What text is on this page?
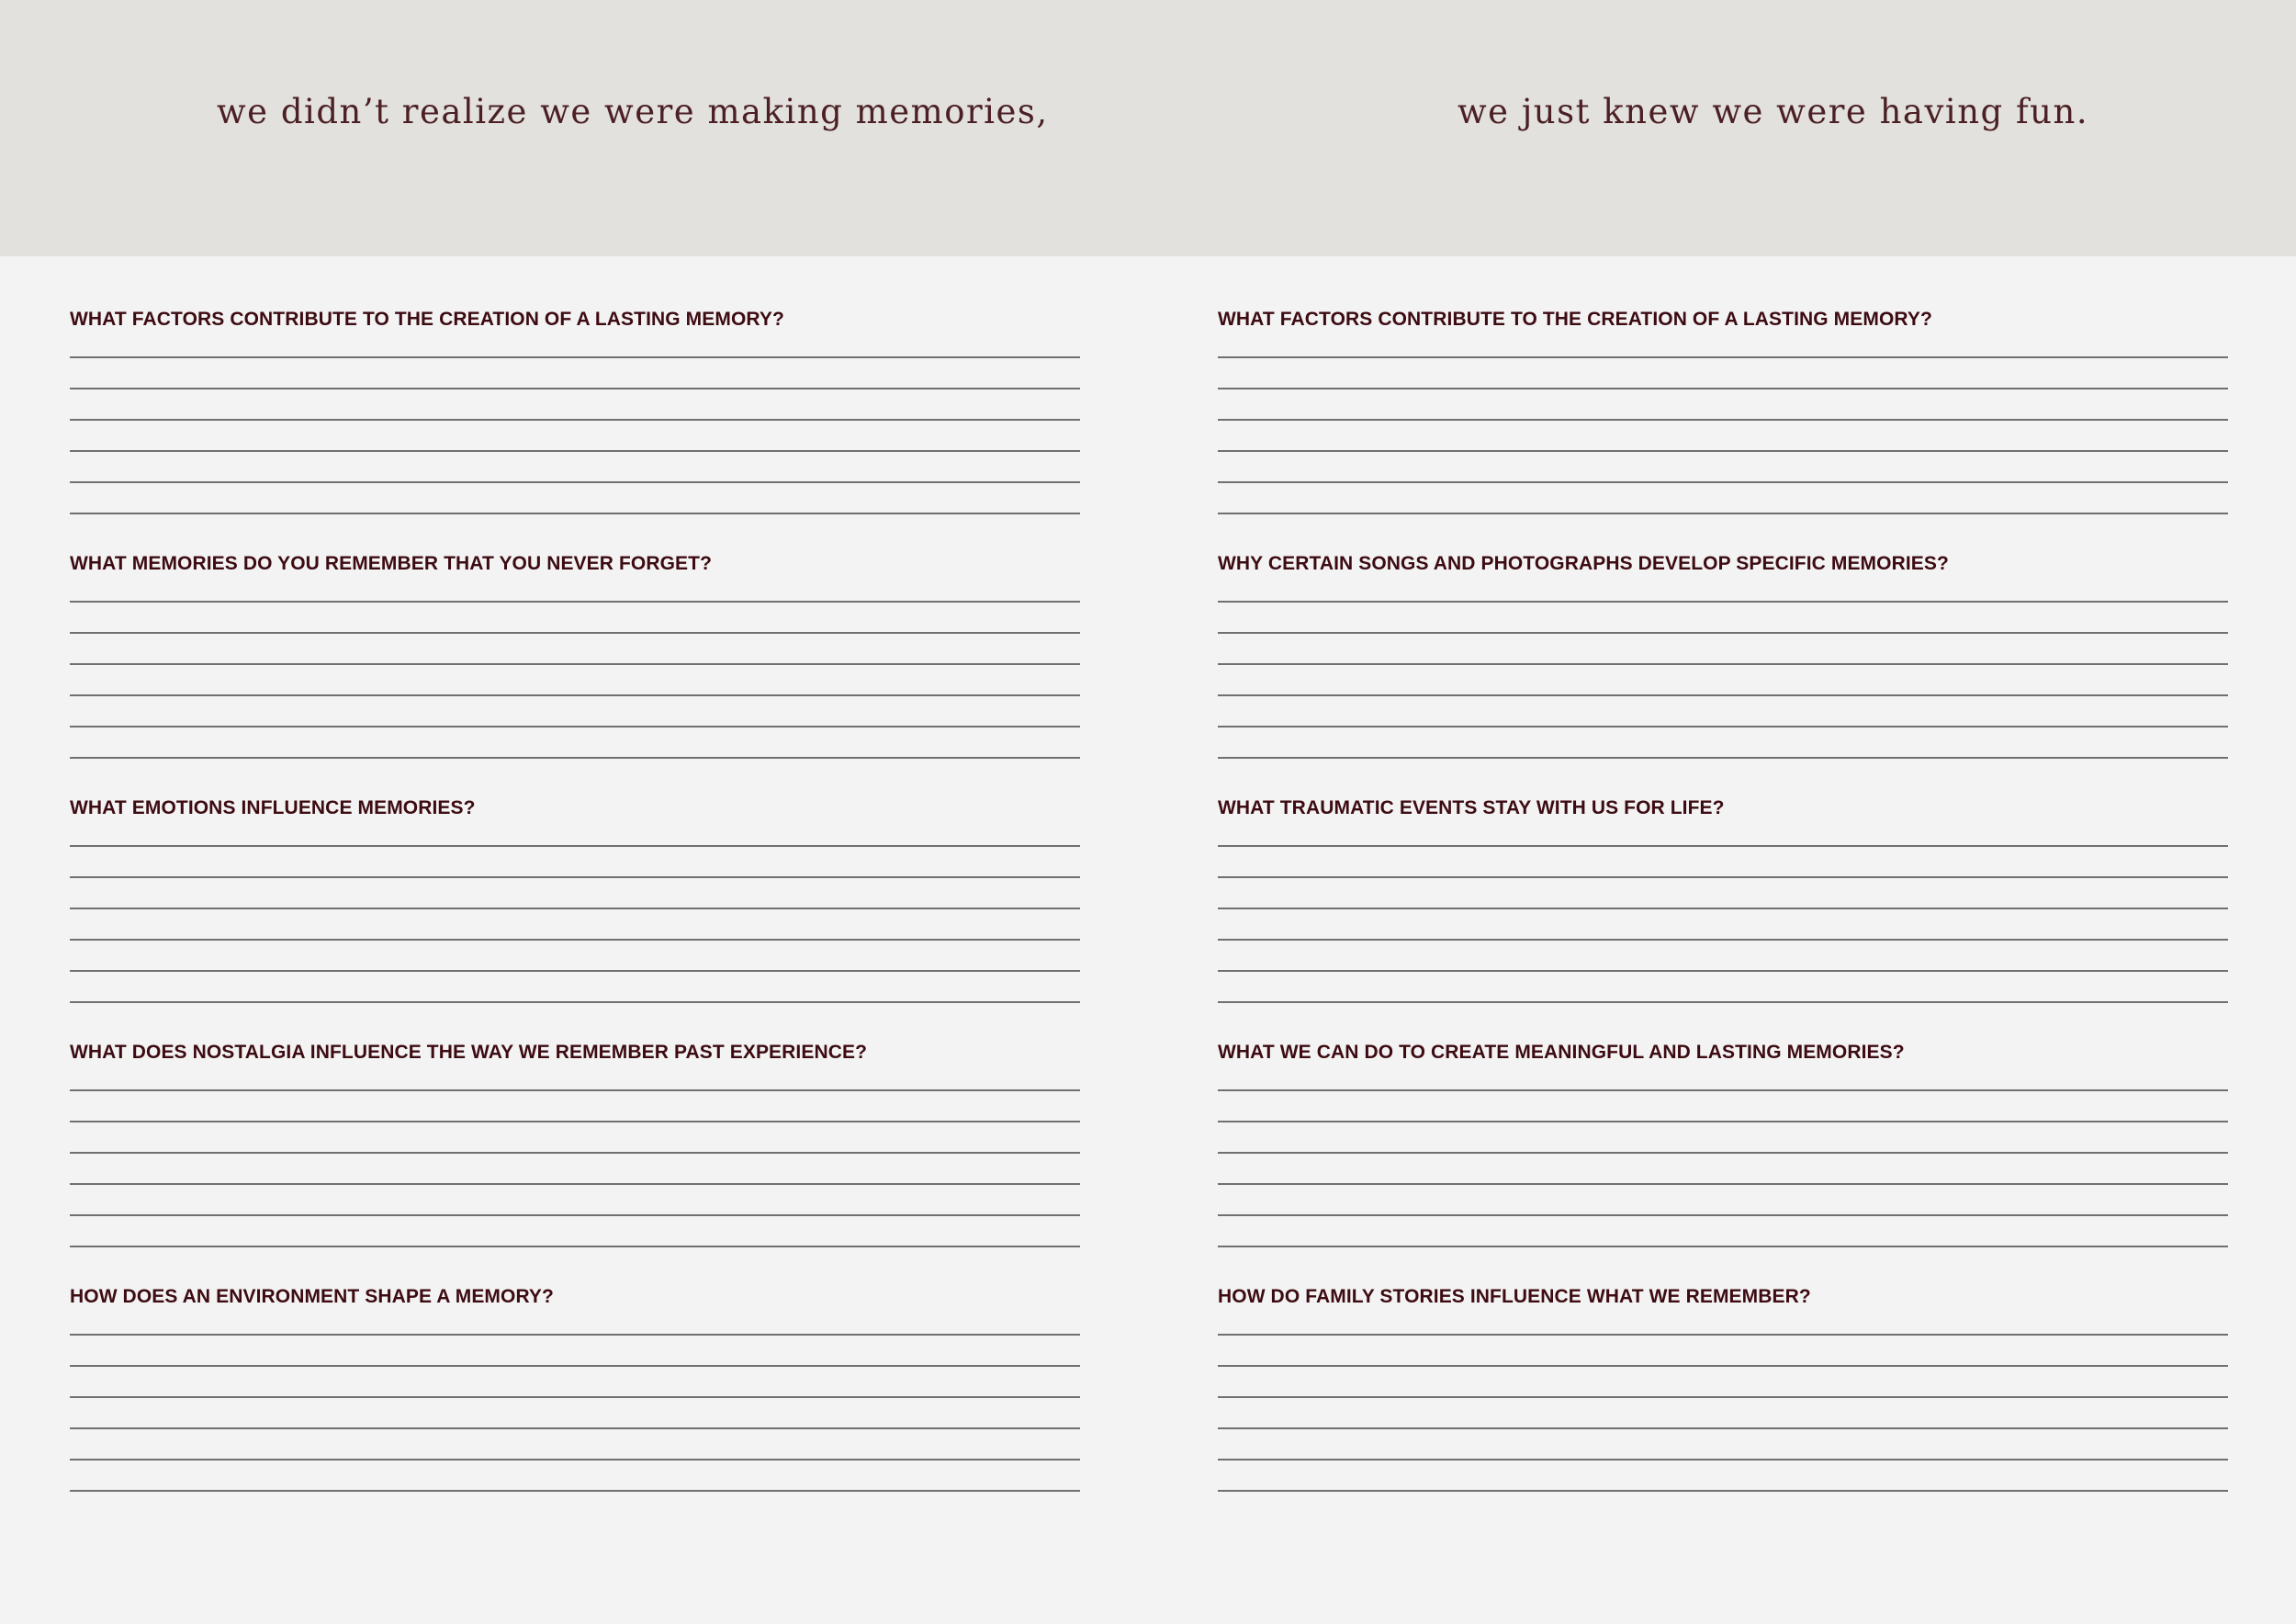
we didn’t realize we were making memories,	we just knew we were having fun.
WHAT FACTORS CONTRIBUTE TO THE CREATION OF A LASTING MEMORY?
WHAT MEMORIES DO YOU REMEMBER THAT YOU NEVER FORGET?
WHAT EMOTIONS INFLUENCE MEMORIES?
WHAT DOES NOSTALGIA INFLUENCE THE WAY WE REMEMBER PAST EXPERIENCE?
HOW DOES AN ENVIRONMENT SHAPE A MEMORY?
WHAT FACTORS CONTRIBUTE TO THE CREATION OF A LASTING MEMORY?
WHY CERTAIN SONGS AND PHOTOGRAPHS DEVELOP SPECIFIC MEMORIES?
WHAT TRAUMATIC EVENTS STAY WITH US FOR LIFE?
WHAT WE CAN DO TO CREATE MEANINGFUL AND LASTING MEMORIES?
HOW DO FAMILY STORIES INFLUENCE WHAT WE REMEMBER?
